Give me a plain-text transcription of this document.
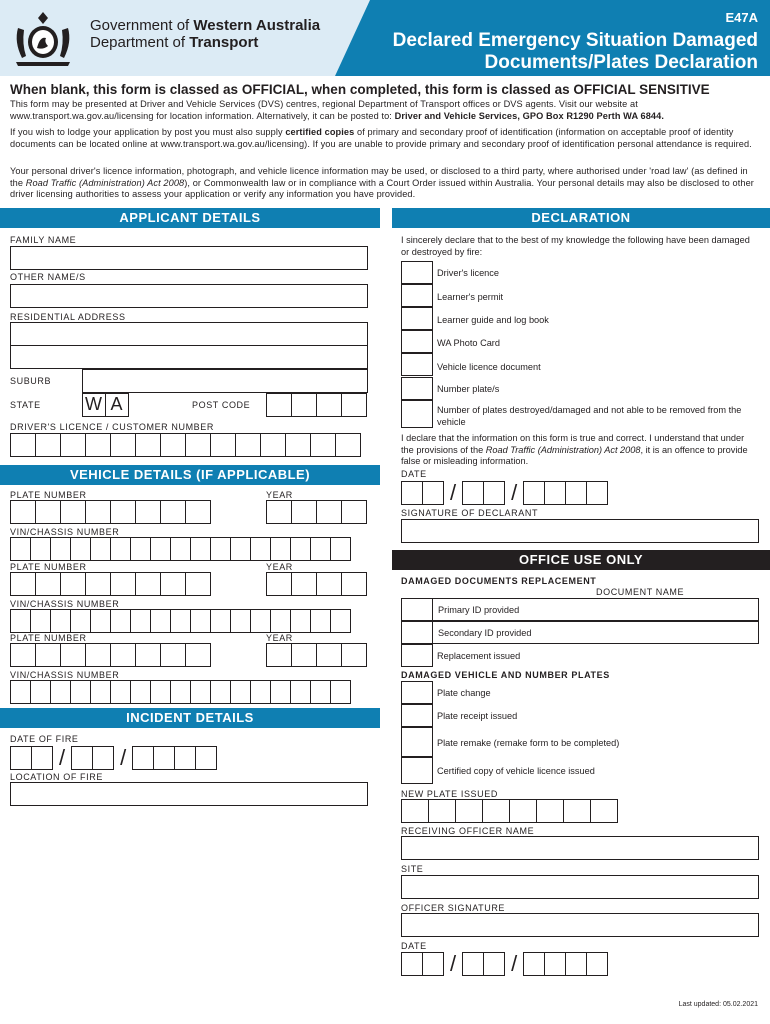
Government of Western Australia
Department of Transport
E47A
Declared Emergency Situation Damaged
Documents/Plates Declaration
When blank, this form is classed as OFFICIAL, when completed, this form is classed as OFFICIAL SENSITIVE
This form may be presented at Driver and Vehicle Services (DVS) centres, regional Department of Transport offices or DVS agents. Visit our website at www.transport.wa.gov.au/licensing for location information. Alternatively, it can be posted to: Driver and Vehicle Services, GPO Box R1290 Perth WA 6844.
If you wish to lodge your application by post you must also supply certified copies of primary and secondary proof of identification (information on acceptable proof of identity documents can be located online at www.transport.wa.gov.au/licensing). If you are unable to provide primary and secondary proof of identification personal attendance is required.
Your personal driver's licence information, photograph, and vehicle licence information may be used, or disclosed to a third party, where authorised under 'road law' (as defined in the Road Traffic (Administration) Act 2008), or Commonwealth law or in compliance with a Court Order issued within Australia. Your personal details may also be disclosed to other driver licensing authorities to assess your application or verify any information you have provided.
APPLICANT DETAILS
FAMILY NAME
OTHER NAME/S
RESIDENTIAL ADDRESS
SUBURB
STATE W A	POST CODE
DRIVER'S LICENCE / CUSTOMER NUMBER
VEHICLE DETAILS (IF APPLICABLE)
PLATE NUMBER	YEAR
VIN/CHASSIS NUMBER
PLATE NUMBER	YEAR
VIN/CHASSIS NUMBER
PLATE NUMBER	YEAR
VIN/CHASSIS NUMBER
INCIDENT DETAILS
DATE OF FIRE
/	/
LOCATION OF FIRE
DECLARATION
I sincerely declare that to the best of my knowledge the following have been damaged or destroyed by fire:
Driver's licence
Learner's permit
Learner guide and log book
WA Photo Card
Vehicle licence document
Number plate/s
Number of plates destroyed/damaged and not able to be removed from the vehicle
I declare that the information on this form is true and correct. I understand that under the provisions of the Road Traffic (Administration) Act 2008, it is an offence to provide false or misleading information.
DATE
/	/
SIGNATURE OF DECLARANT
OFFICE USE ONLY
DAMAGED DOCUMENTS REPLACEMENT
DOCUMENT NAME
Primary ID provided
Secondary ID provided
Replacement issued
DAMAGED VEHICLE AND NUMBER PLATES
Plate change
Plate receipt issued
Plate remake (remake form to be completed)
Certified copy of vehicle licence issued
NEW PLATE ISSUED
RECEIVING OFFICER NAME
SITE
OFFICER SIGNATURE
DATE
/	/
Last updated: 05.02.2021
